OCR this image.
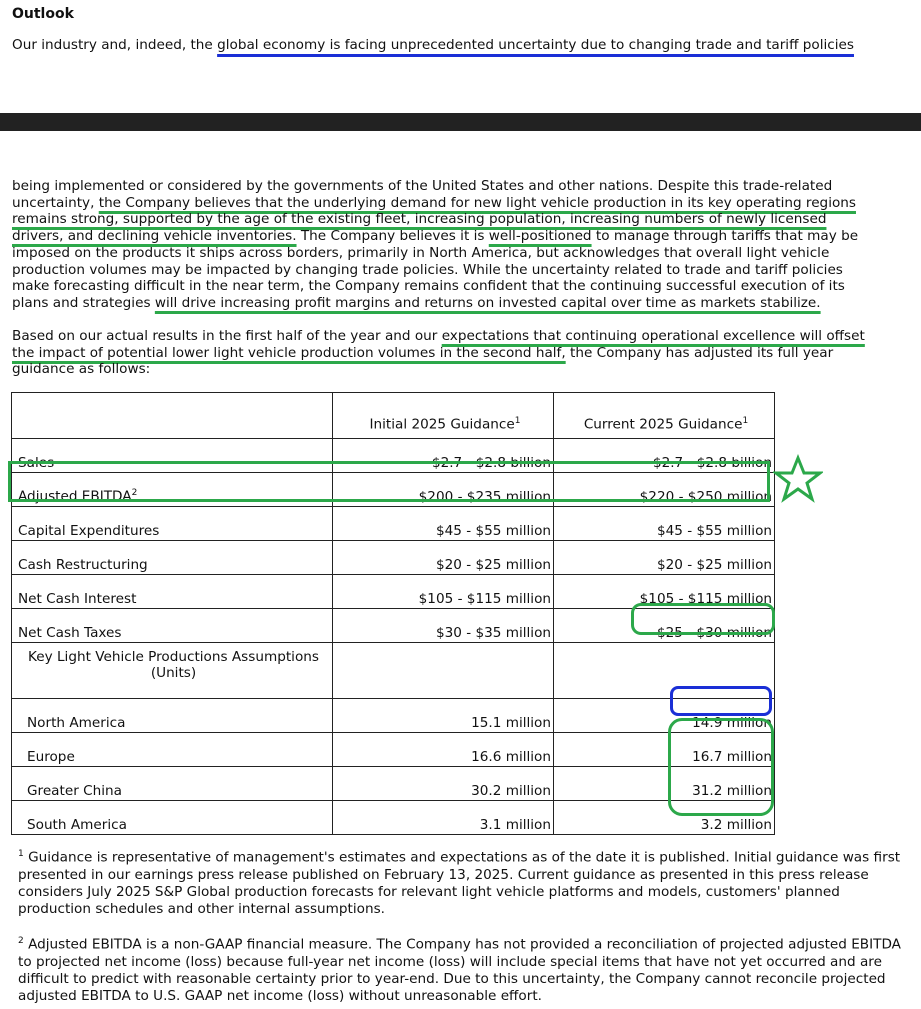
Outlook
Our industry and, indeed, the global economy is facing unprecedented uncertainty due to changing trade and tariff policies
being implemented or considered by the governments of the United States and other nations. Despite this trade-related
uncertainty, the Company believes that the underlying demand for new light vehicle production in its key operating regions
remains strong, supported by the age of the existing fleet, increasing population, increasing numbers of newly licensed
drivers, and declining vehicle inventories. The Company believes it is well-positioned to manage through tariffs that may be
imposed on the products it ships across borders, primarily in North America, but acknowledges that overall light vehicle
production volumes may be impacted by changing trade policies. While the uncertainty related to trade and tariff policies
make forecasting difficult in the near term, the Company remains confident that the continuing successful execution of its
plans and strategies will drive increasing profit margins and returns on invested capital over time as markets stabilize.
Based on our actual results in the first half of the year and our expectations that continuing operational excellence will offset
the impact of potential lower light vehicle production volumes in the second half, the Company has adjusted its full year
guidance as follows:
	Initial 2025 Guidance$^1$	Current 2025 Guidance$^1$
Sales	$2.7 - $2.8 billion	$2.7 - $2.8 billion
Adjusted EBITDA$^2$	$200 - $235 million	$220 - $250 million
Capital Expenditures	$45 - $55 million	$45 - $55 million
Cash Restructuring	$20 - $25 million	$20 - $25 million
Net Cash Interest	$105 - $115 million	$105 - $115 million
Net Cash Taxes	$30 - $35 million	$25 - $30 million

Key Light Vehicle Productions Assumptions
(Units)		

North America	15.1 million	14.9 million
Europe	16.6 million	16.7 million
Greater China	30.2 million	31.2 million
South America	3.1 million	3.2 million
$^1$ Guidance is representative of management's estimates and expectations as of the date it is published. Initial guidance was first presented in our earnings press release published on February 13, 2025. Current guidance as presented in this press release considers July 2025 S&P Global production forecasts for relevant light vehicle platforms and models, customers' planned production schedules and other internal assumptions.
$^2$ Adjusted EBITDA is a non-GAAP financial measure. The Company has not provided a reconciliation of projected adjusted EBITDA to projected net income (loss) because full-year net income (loss) will include special items that have not yet occurred and are difficult to predict with reasonable certainty prior to year-end. Due to this uncertainty, the Company cannot reconcile projected adjusted EBITDA to U.S. GAAP net income (loss) without unreasonable effort.
